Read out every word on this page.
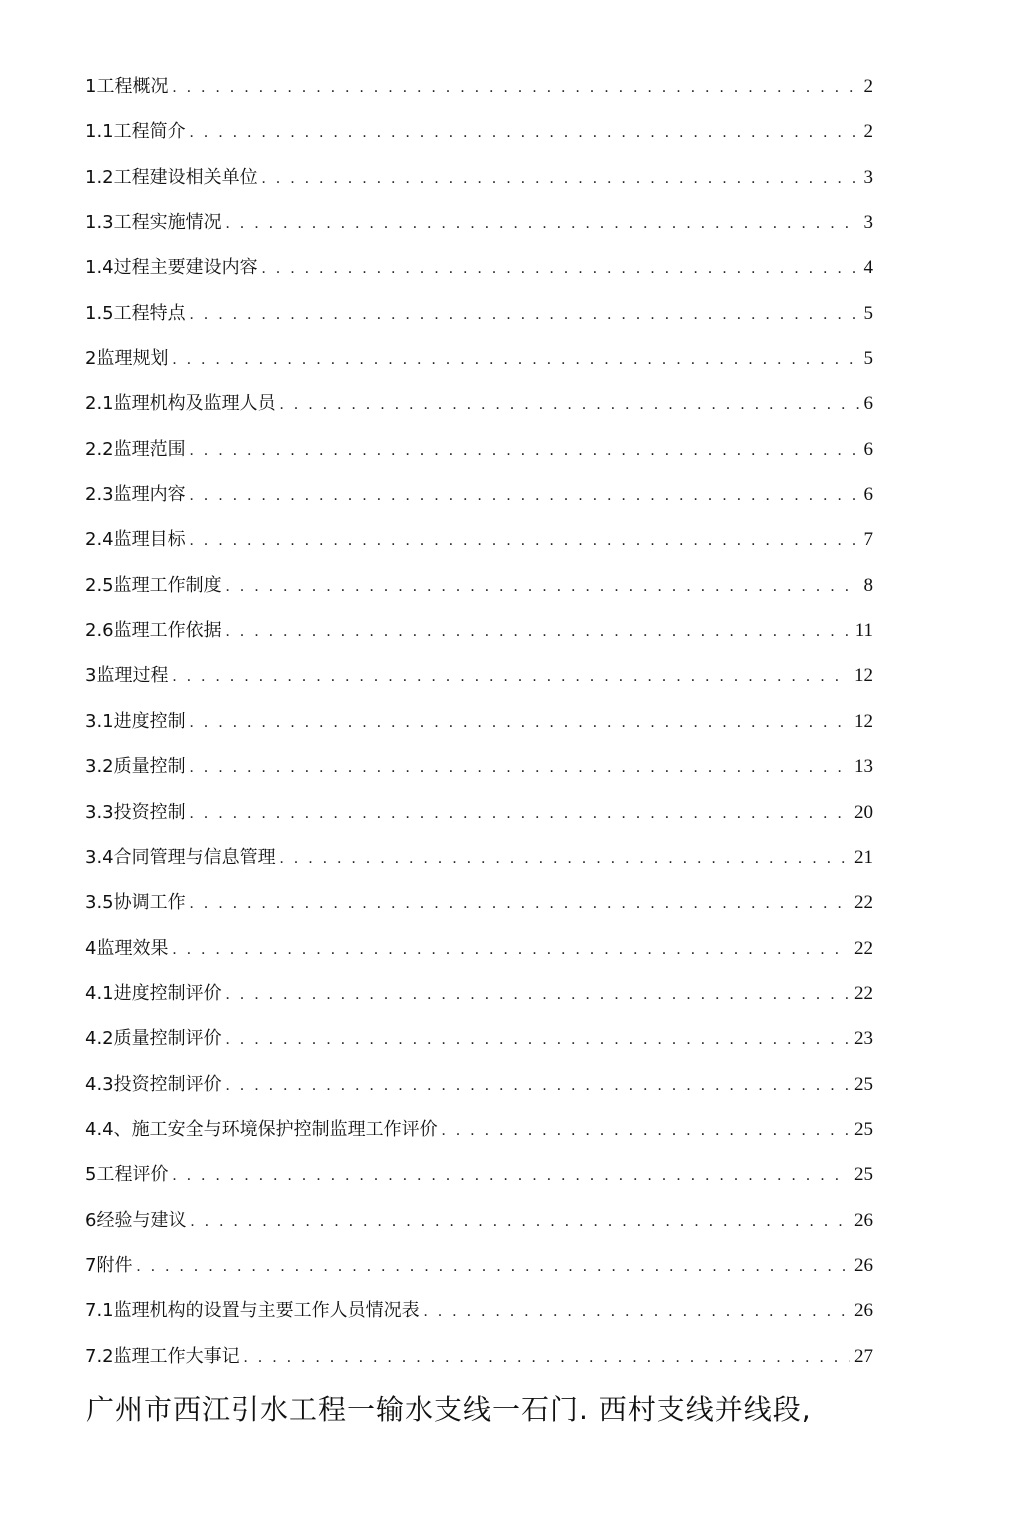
1工程概况 . . .	2
1.1工程简介 . . .	2
1.2工程建设相关单位 . . .	3
1.3工程实施情况 . . .	3
1.4过程主要建设内容 . . .	4
1.5工程特点 . . .	5
2监理规划 . . .	5
2.1监理机构及监理人员 . . .	6
2.2监理范围 . . .	6
2.3监理内容 . . .	6
2.4监理目标 . . .	7
2.5监理工作制度 . . .	8
2.6监理工作依据 . . .	11
3监理过程 . . .	12
3.1进度控制 . . .	12
3.2质量控制 . . .	13
3.3投资控制 . . .	20
3.4合同管理与信息管理 . . .	21
3.5协调工作 . . .	22
4监理效果 . . .	22
4.1进度控制评价 . . .	22
4.2质量控制评价 . . .	23
4.3投资控制评价 . . .	25
4.4、施工安全与环境保护控制监理工作评价 . . .	25
5工程评价 . . .	25
6经验与建议 . . .	26
7附件 . . .	26
7.1监理机构的设置与主要工作人员情况表 . . .	26
7.2监理工作大事记 . . .	27
广州市西江引水工程一输水支线一石门. 西村支线并线段,
